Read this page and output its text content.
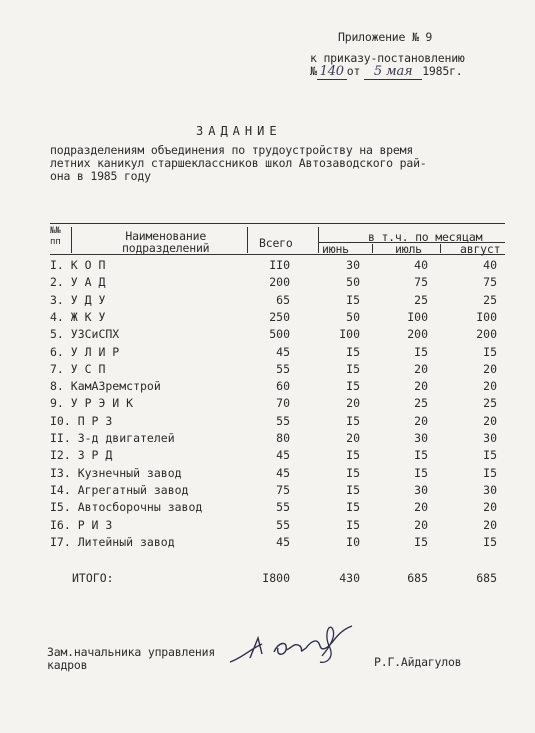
Приложение № 9
к приказу-постановлению
№ 140 от 5 мая 1985г.
ЗАДАНИЕ
подразделениям объединения по трудоустройству на время
летних каникул старшеклассников школ Автозаводского рай-
она в 1985 году
№№
пп	Наименование
подразделений	Всего	в т.ч. по месяцам
июнь	июль	август
I. К О П	II0	30	40	40
2. У А Д	200	50	75	75
3. У Д У	65	I5	25	25
4. Ж К У	250	50	I00	I00
5. УЗСиСПХ	500	I00	200	200
6. У Л И Р	45	I5	I5	I5
7. У С П	55	I5	20	20
8. КамАЗремстрой	60	I5	20	20
9. У Р Э И К	70	20	25	25
I0. П Р З	55	I5	20	20
II. З-д двигателей	80	20	30	30
I2. З Р Д	45	I5	I5	I5
I3. Кузнечный завод	45	I5	I5	I5
I4. Агрегатный завод	75	I5	30	30
I5. Автосборочны завод	55	I5	20	20
I6. Р И З	55	I5	20	20
I7. Литейный завод	45	I0	I5	I5
ИТОГО:	I800	430	685	685
Зам.начальника управления
кадров	Р.Г.Айдагулов
